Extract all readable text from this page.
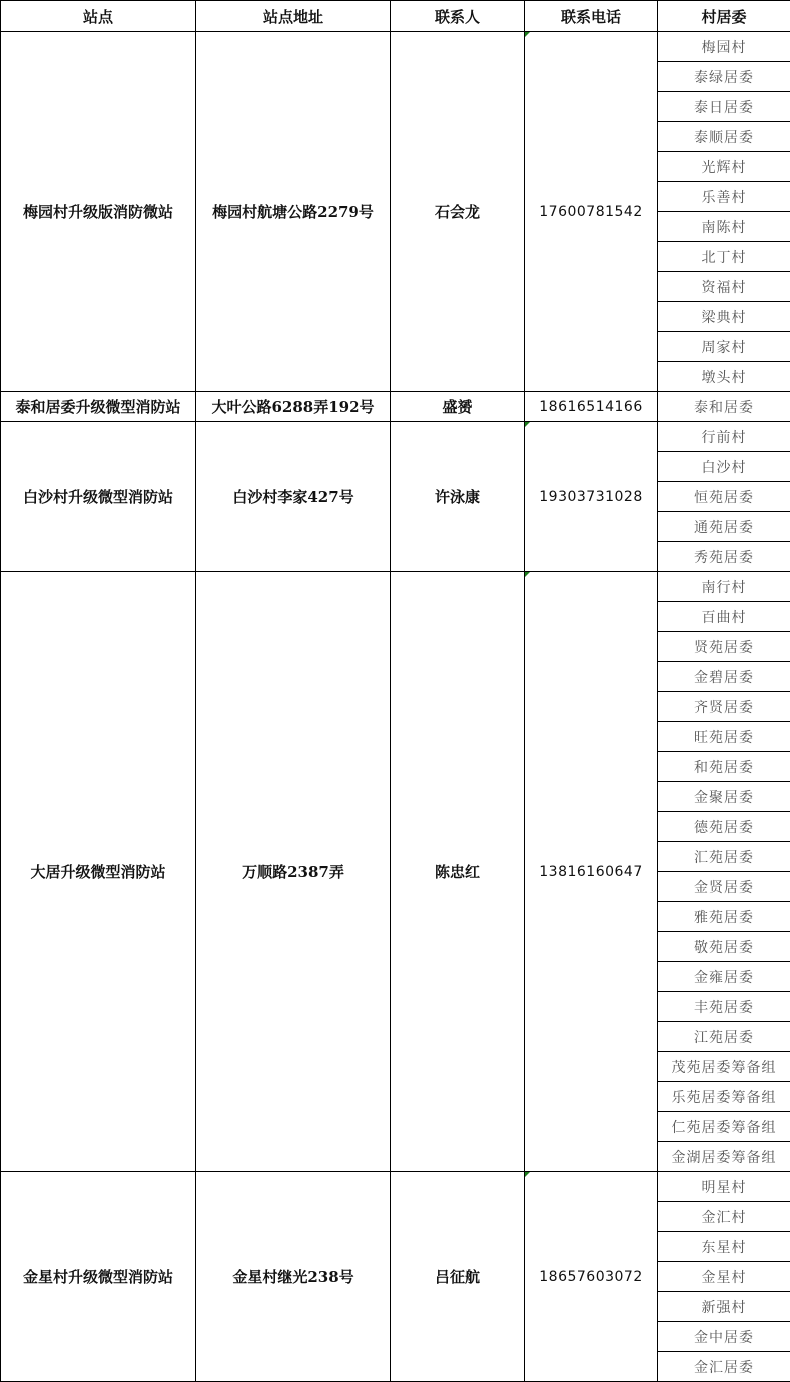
站点	站点地址	联系人	联系电话	村居委
梅园村升级版消防微站	梅园村航塘公路2279号	石会龙	17600781542	梅园村
				泰绿居委
				泰日居委
				泰顺居委
				光辉村
				乐善村
				南陈村
				北丁村
				资福村
				梁典村
				周家村
				墩头村
泰和居委升级微型消防站	大叶公路6288弄192号	盛赟	18616514166	泰和居委
白沙村升级微型消防站	白沙村李家427号	许泳康	19303731028	行前村
				白沙村
				恒苑居委
				通苑居委
				秀苑居委
大居升级微型消防站	万顺路2387弄	陈忠红	13816160647	南行村
				百曲村
				贤苑居委
				金碧居委
				齐贤居委
				旺苑居委
				和苑居委
				金聚居委
				德苑居委
				汇苑居委
				金贤居委
				雅苑居委
				敬苑居委
				金雍居委
				丰苑居委
				江苑居委
				茂苑居委筹备组
				乐苑居委筹备组
				仁苑居委筹备组
				金湖居委筹备组
金星村升级微型消防站	金星村继光238号	吕征航	18657603072	明星村
				金汇村
				东星村
				金星村
				新强村
				金中居委
				金汇居委
